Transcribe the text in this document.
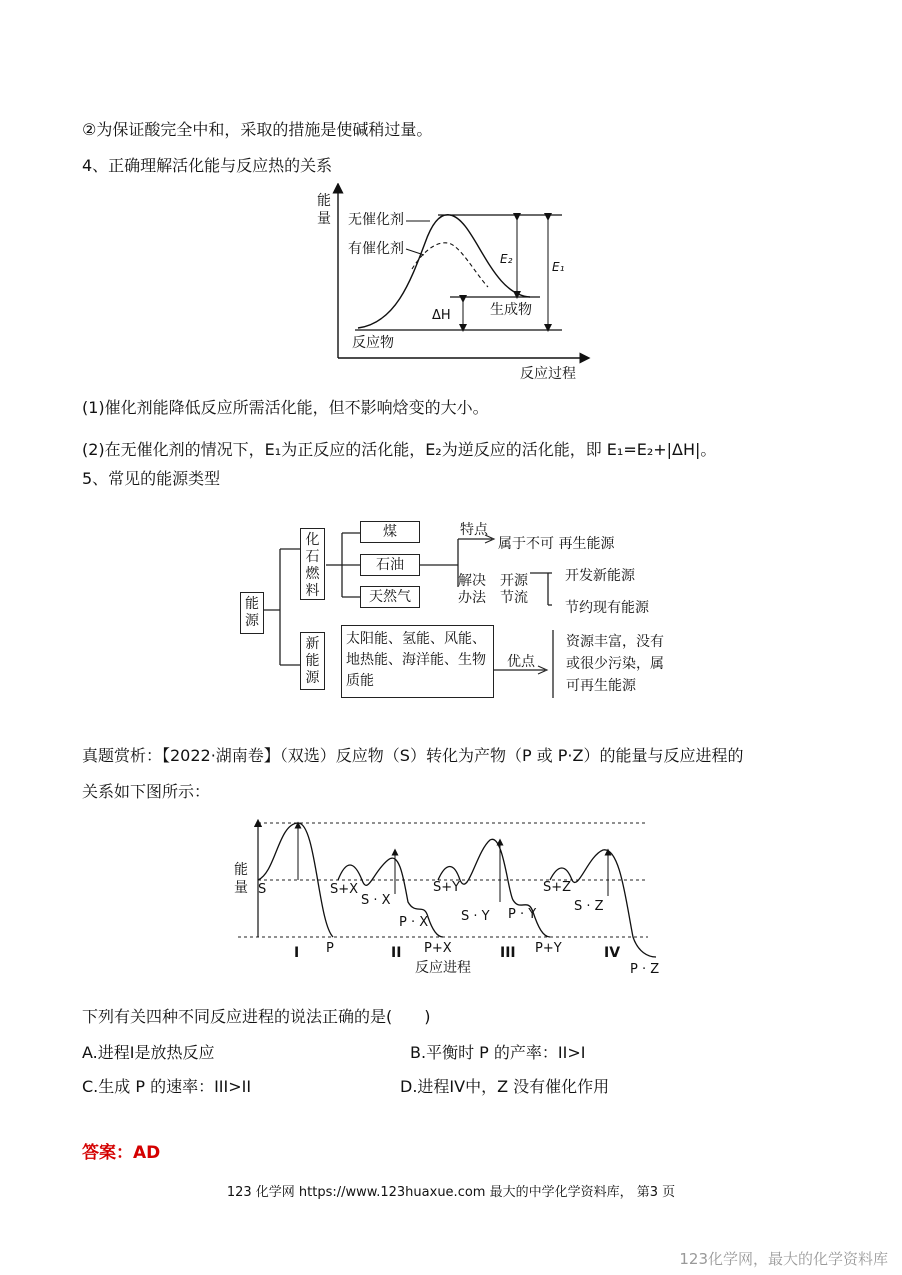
②为保证酸完全中和，采取的措施是使碱稍过量。
4、正确理解活化能与反应热的关系
能
量
E₂
E₁
ΔH
无催化剂
有催化剂
生成物
反应物
反应过程
(1)催化剂能降低反应所需活化能，但不影响焓变的大小。
(2)在无催化剂的情况下，E₁为正反应的活化能，E₂为逆反应的活化能，即 E₁=E₂+|ΔH|。
5、常见的能源类型
能源
化石燃料
煤
石油
天然气
特点
属于不可 再生能源
解决办法
开源节流
开发新能源
节约现有能源
新能源
太阳能、氢能、风能、地热能、海洋能、生物质能
优点
资源丰富，没有或很少污染，属可再生能源
真题赏析：【2022·湖南卷】（双选）反应物（S）转化为产物（P 或 P·Z）的能量与反应进程的
关系如下图所示：
能
量 S	S+X
S · X
P · X
P+X
S+Y
S · Y P · Y
P+Y
S+Z
S · Z
P · Z
P
I	II	III	IV
反应进程
下列有关四种不同反应进程的说法正确的是(　　)
A.进程I是放热反应	B.平衡时 P 的产率：II>I
C.生成 P 的速率：III>II	D.进程IV中，Z 没有催化作用
答案：AD
123 化学网 https://www.123huaxue.com 最大的中学化学资料库， 第3 页
123化学网，最大的化学资料库
